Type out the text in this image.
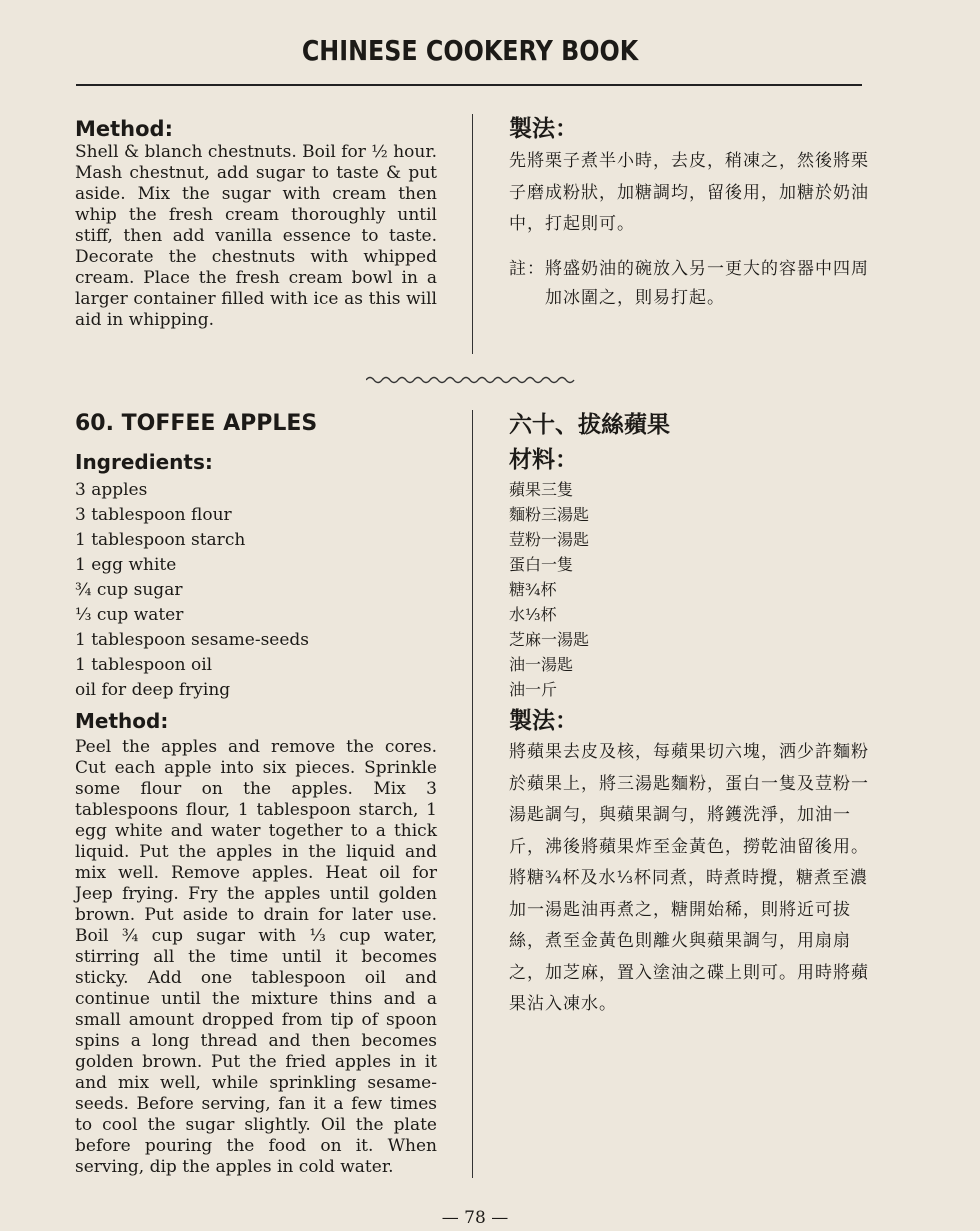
CHINESE COOKERY BOOK
Method:

Shell & blanch chestnuts. Boil for ½ hour. Mash chestnut, add sugar to taste & put aside. Mix the sugar with cream then whip the fresh cream thoroughly until stiff, then add vanilla essence to taste. Decorate the chestnuts with whipped cream. Place the fresh cream bowl in a larger container filled with ice as this will aid in whipping.

製法：

先將栗子煮半小時，去皮，稍凍之，然後將栗子磨成粉狀，加糖調均，留後用，加糖於奶油中，打起則可。

註： 將盛奶油的碗放入另一更大的容器中四周加冰圍之，則易打起。
60. TOFFEE APPLES
Ingredients:
3 apples
3 tablespoon flour
1 tablespoon starch
1 egg white
¾ cup sugar
⅓ cup water
1 tablespoon sesame-seeds
1 tablespoon oil
oil for deep frying
Method:

Peel the apples and remove the cores. Cut each apple into six pieces. Sprinkle some flour on the apples. Mix 3 tablespoons flour, 1 tablespoon starch, 1 egg white and water together to a thick liquid. Put the apples in the liquid and mix well. Remove apples. Heat oil for Jeep frying. Fry the apples until golden brown. Put aside to drain for later use. Boil ¾ cup sugar with ⅓ cup water, stirring all the time until it becomes sticky. Add one tablespoon oil and continue until the mixture thins and a small amount dropped from tip of spoon spins a long thread and then becomes golden brown. Put the fried apples in it and mix well, while sprinkling sesame-seeds. Before serving, fan it a few times to cool the sugar slightly. Oil the plate before pouring the food on it. When serving, dip the apples in cold water.

六十、拔絲蘋果
材料：
蘋果三隻
麵粉三湯匙
荳粉一湯匙
蛋白一隻
糖¾杯
水⅓杯
芝麻一湯匙
油一湯匙
油一斤
製法：

將蘋果去皮及核，每蘋果切六塊，洒少許麵粉於蘋果上，將三湯匙麵粉，蛋白一隻及荳粉一湯匙調勻，與蘋果調勻，將鑊洗淨，加油一斤，沸後將蘋果炸至金黃色，撈乾油留後用。將糖¾杯及水⅓杯同煮，時煮時攪，糖煮至濃加一湯匙油再煮之，糖開始稀，則將近可拔絲，煮至金黃色則離火與蘋果調勻，用扇扇之，加芝麻，置入塗油之碟上則可。用時將蘋果沾入凍水。

— 78 —
